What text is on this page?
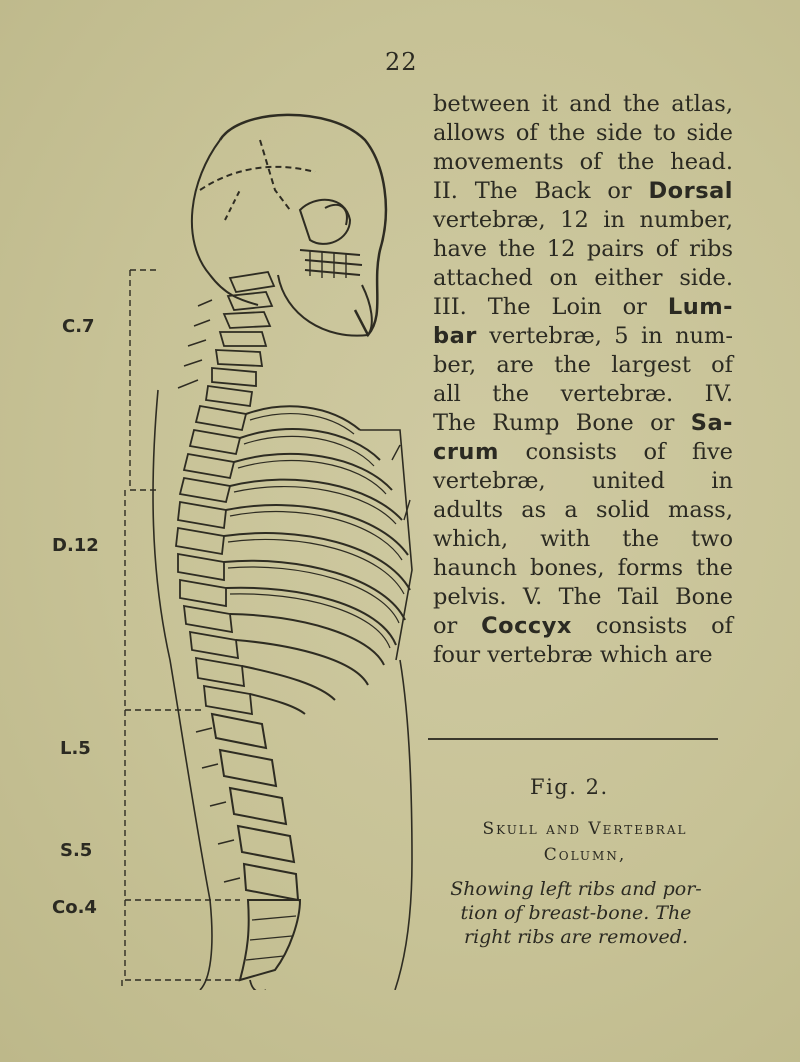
22
between it and the atlas,
allows of the side to side
movements of the head.
II. The Back or Dorsal
vertebræ, 12 in number,
have the 12 pairs of ribs
attached on either side.
III. The Loin or Lum-
bar vertebræ, 5 in num-
ber, are the largest of
all the vertebræ. IV.
The Rump Bone or Sa-
crum consists of five
vertebræ, united in
adults as a solid mass,
which, with the two
haunch bones, forms the
pelvis. V. The Tail Bone
or Coccyx consists of
four vertebræ which are
Fig. 2.
Skull and Vertebral
Column,
Showing left ribs and por-
tion of breast-bone. The
right ribs are removed.
C.7
D.12
L.5
S.5
Co.4
